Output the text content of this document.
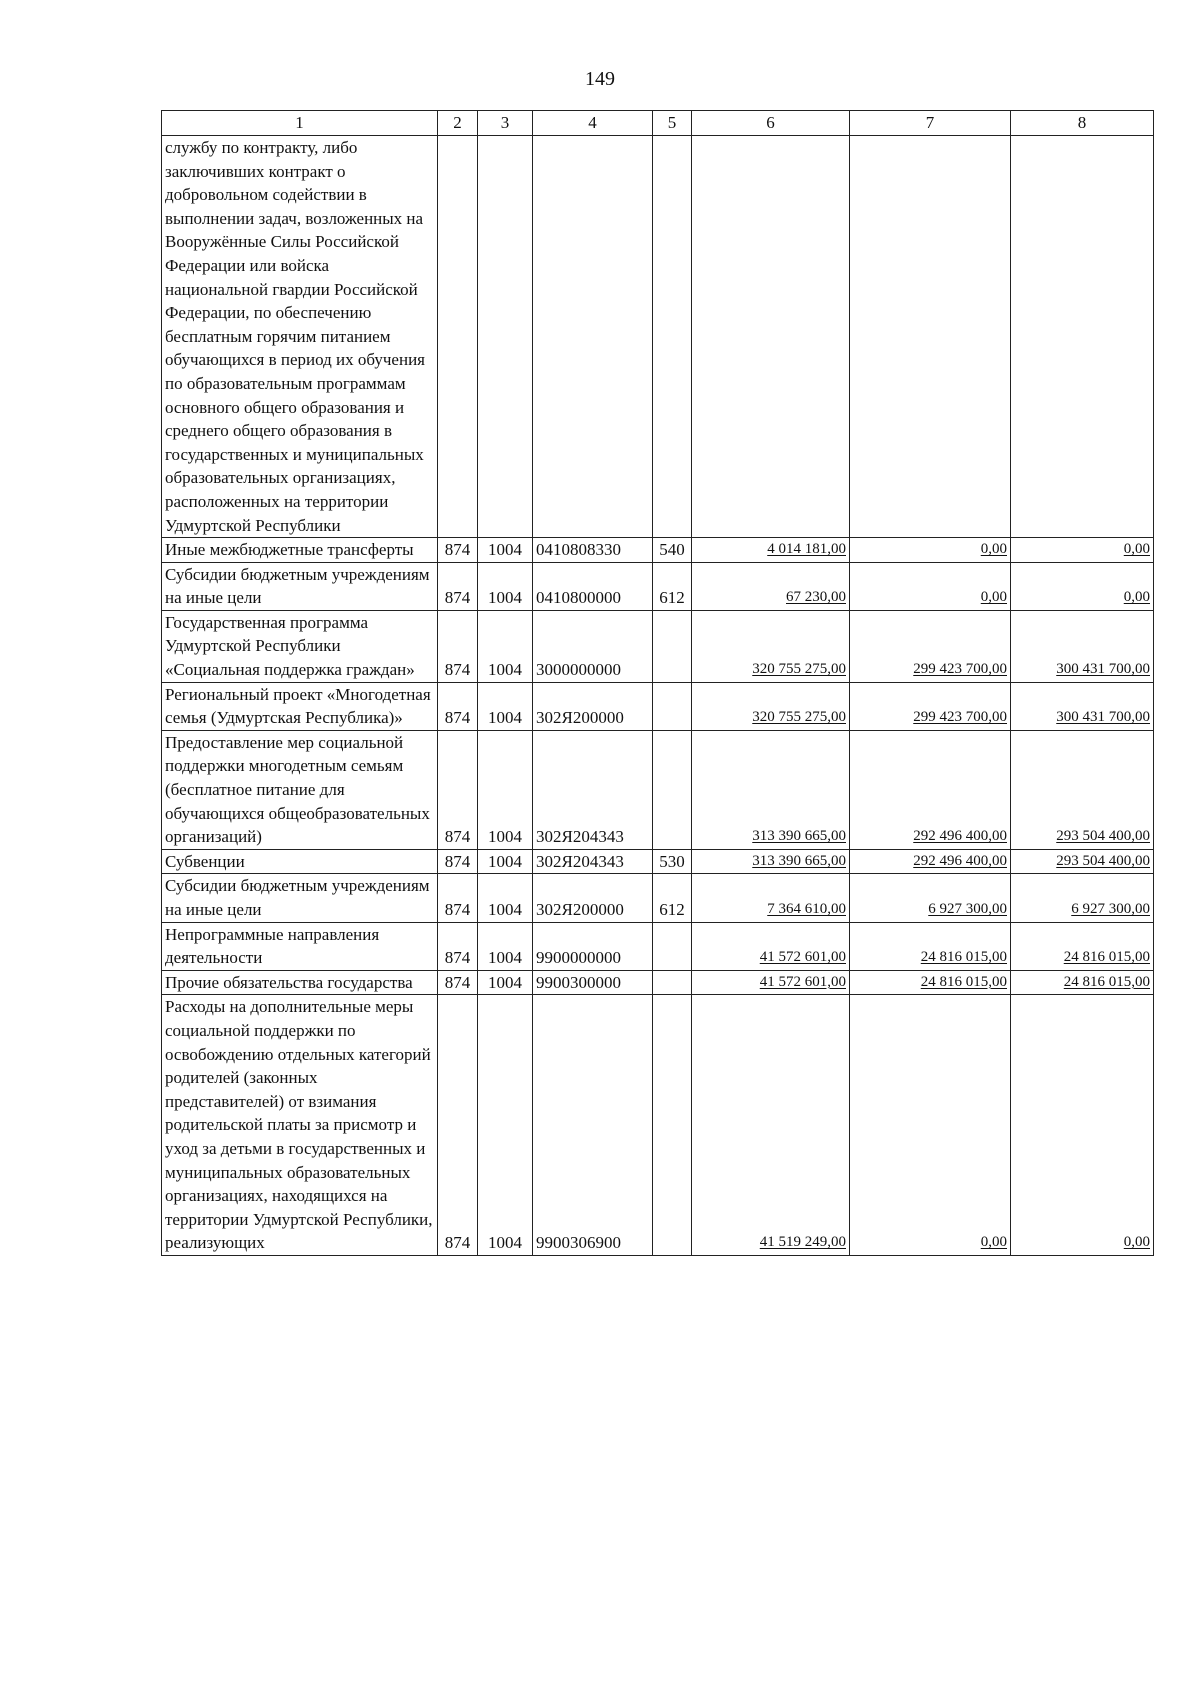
149
1	2	3	4	5	6	7	8
службу по контракту, либо заключивших контракт о добровольном содействии в выполнении задач, возложенных на Вооружённые Силы Российской Федерации или войска национальной гвардии Российской Федерации, по обеспечению бесплатным горячим питанием обучающихся в период их обучения по образовательным программам основного общего образования и среднего общего образования в государственных и муниципальных образовательных организациях, расположенных на территории Удмуртской Республики							
Иные межбюджетные трансферты	874	1004	0410808330	540	4 014 181,00	0,00	0,00
Субсидии бюджетным учреждениям на иные цели	874	1004	0410800000	612	67 230,00	0,00	0,00
Государственная программа Удмуртской Республики «Социальная поддержка граждан»	874	1004	3000000000		320 755 275,00	299 423 700,00	300 431 700,00
Региональный проект «Многодетная семья (Удмуртская Республика)»	874	1004	302Я200000		320 755 275,00	299 423 700,00	300 431 700,00
Предоставление мер социальной поддержки многодетным семьям (бесплатное питание для обучающихся общеобразовательных организаций)	874	1004	302Я204343		313 390 665,00	292 496 400,00	293 504 400,00
Субвенции	874	1004	302Я204343	530	313 390 665,00	292 496 400,00	293 504 400,00
Субсидии бюджетным учреждениям на иные цели	874	1004	302Я200000	612	7 364 610,00	6 927 300,00	6 927 300,00
Непрограммные направления деятельности	874	1004	9900000000		41 572 601,00	24 816 015,00	24 816 015,00
Прочие обязательства государства	874	1004	9900300000		41 572 601,00	24 816 015,00	24 816 015,00
Расходы на дополнительные меры социальной поддержки по освобождению отдельных категорий родителей (законных представителей) от взимания родительской платы за присмотр и уход за детьми в государственных и муниципальных образовательных организациях, находящихся на территории Удмуртской Республики, реализующих	874	1004	9900306900		41 519 249,00	0,00	0,00
